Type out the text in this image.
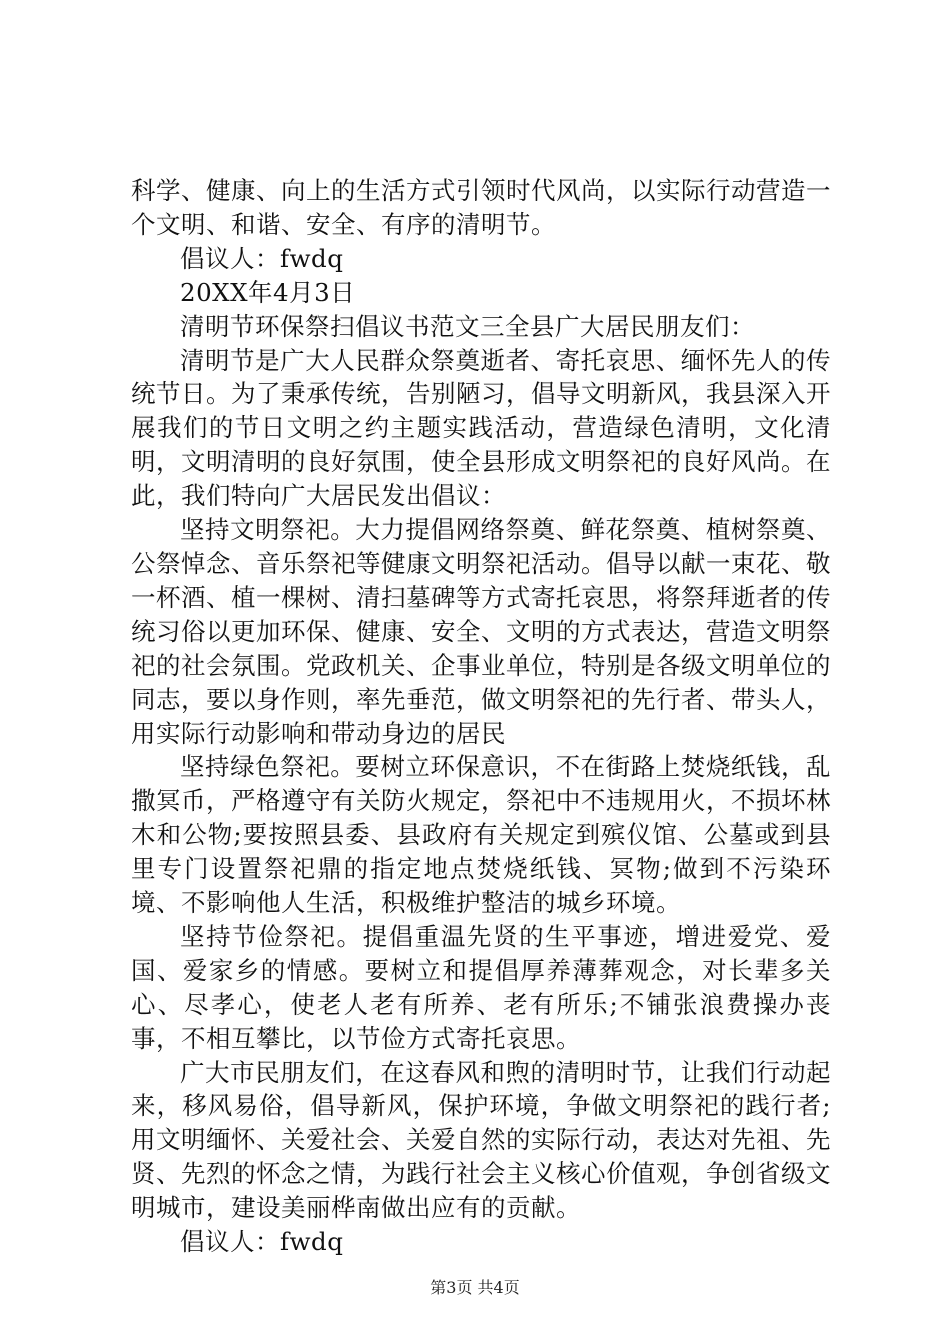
科学、健康、向上的生活方式引领时代风尚，以实际行动营造一个文明、和谐、安全、有序的清明节。

倡议人：fwdq

20XX年4月3日

清明节环保祭扫倡议书范文三全县广大居民朋友们：

清明节是广大人民群众祭奠逝者、寄托哀思、缅怀先人的传统节日。为了秉承传统，告别陋习，倡导文明新风，我县深入开展我们的节日文明之约主题实践活动，营造绿色清明，文化清明，文明清明的良好氛围，使全县形成文明祭祀的良好风尚。在此，我们特向广大居民发出倡议：

坚持文明祭祀。大力提倡网络祭奠、鲜花祭奠、植树祭奠、公祭悼念、音乐祭祀等健康文明祭祀活动。倡导以献一束花、敬一杯酒、植一棵树、清扫墓碑等方式寄托哀思，将祭拜逝者的传统习俗以更加环保、健康、安全、文明的方式表达，营造文明祭祀的社会氛围。党政机关、企事业单位，特别是各级文明单位的同志，要以身作则，率先垂范，做文明祭祀的先行者、带头人，用实际行动影响和带动身边的居民

坚持绿色祭祀。要树立环保意识，不在街路上焚烧纸钱，乱撒冥币，严格遵守有关防火规定，祭祀中不违规用火，不损坏林木和公物;要按照县委、县政府有关规定到殡仪馆、公墓或到县里专门设置祭祀鼎的指定地点焚烧纸钱、冥物;做到不污染环境、不影响他人生活，积极维护整洁的城乡环境。

坚持节俭祭祀。提倡重温先贤的生平事迹，增进爱党、爱国、爱家乡的情感。要树立和提倡厚养薄葬观念，对长辈多关心、尽孝心，使老人老有所养、老有所乐;不铺张浪费操办丧事，不相互攀比，以节俭方式寄托哀思。

广大市民朋友们，在这春风和煦的清明时节，让我们行动起来，移风易俗，倡导新风，保护环境，争做文明祭祀的践行者;用文明缅怀、关爱社会、关爱自然的实际行动，表达对先祖、先贤、先烈的怀念之情，为践行社会主义核心价值观，争创省级文明城市，建设美丽桦南做出应有的贡献。

倡议人：fwdq

第3页 共4页
